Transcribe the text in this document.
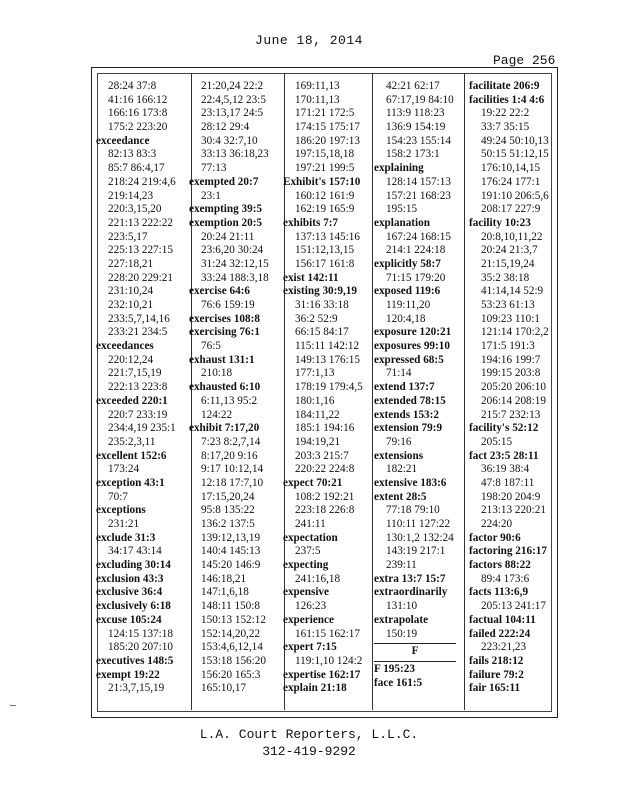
June 18, 2014
Page 256
28:24 37:8
41:16 166:12
166:16 173:8
175:2 223:20
exceedance
82:13 83:3
85:7 86:4,17
218:24 219:4,6
219:14,23
220:3,15,20
221:13 222:22
223:5,17
225:13 227:15
227:18,21
228:20 229:21
231:10,24
232:10,21
233:5,7,14,16
233:21 234:5
exceedances
220:12,24
221:7,15,19
222:13 223:8
exceeded 220:1
220:7 233:19
234:4,19 235:1
235:2,3,11
excellent 152:6
173:24
exception 43:1
70:7
exceptions
231:21
exclude 31:3
34:17 43:14
excluding 30:14
exclusion 43:3
exclusive 36:4
exclusively 6:18
excuse 105:24
124:15 137:18
185:20 207:10
executives 148:5
exempt 19:22
21:3,7,15,19
21:20,24 22:2
22:4,5,12 23:5
23:13,17 24:5
28:12 29:4
30:4 32:7,10
33:13 36:18,23
77:13
exempted 20:7
23:1
exempting 39:5
exemption 20:5
20:24 21:11
23:6,20 30:24
31:24 32:12,15
33:24 188:3,18
exercise 64:6
76:6 159:19
exercises 108:8
exercising 76:1
76:5
exhaust 131:1
210:18
exhausted 6:10
6:11,13 95:2
124:22
exhibit 7:17,20
7:23 8:2,7,14
8:17,20 9:16
9:17 10:12,14
12:18 17:7,10
17:15,20,24
95:8 135:22
136:2 137:5
139:12,13,19
140:4 145:13
145:20 146:9
146:18,21
147:1,6,18
148:11 150:8
150:13 152:12
152:14,20,22
153:4,6,12,14
153:18 156:20
156:20 165:3
165:10,17
169:11,13
170:11,13
171:21 172:5
174:15 175:17
186:20 197:13
197:15,18,18
197:21 199:5
Exhibit's 157:10
160:12 161:9
162:19 165:9
exhibits 7:7
137:13 145:16
151:12,13,15
156:17 161:8
exist 142:11
existing 30:9,19
31:16 33:18
36:2 52:9
66:15 84:17
115:11 142:12
149:13 176:15
177:1,13
178:19 179:4,5
180:1,16
184:11,22
185:1 194:16
194:19,21
203:3 215:7
220:22 224:8
expect 70:21
108:2 192:21
223:18 226:8
241:11
expectation
237:5
expecting
241:16,18
expensive
126:23
experience
161:15 162:17
expert 7:15
119:1,10 124:2
expertise 162:17
explain 21:18
42:21 62:17
67:17,19 84:10
113:9 118:23
136:9 154:19
154:23 155:14
158:2 173:1
explaining
128:14 157:13
157:21 168:23
195:15
explanation
167:24 168:15
214:1 224:18
explicitly 58:7
71:15 179:20
exposed 119:6
119:11,20
120:4,18
exposure 120:21
exposures 99:10
expressed 68:5
71:14
extend 137:7
extended 78:15
extends 153:2
extension 79:9
79:16
extensions
182:21
extensive 183:6
extent 28:5
77:18 79:10
110:11 127:22
130:1,2 132:24
143:19 217:1
239:11
extra 13:7 15:7
extraordinarily
131:10
extrapolate
150:19
F
F 195:23
face 161:5
facilitate 206:9
facilities 1:4 4:6
19:22 22:2
33:7 35:15
49:24 50:10,13
50:15 51:12,15
176:10,14,15
176:24 177:1
191:10 206:5,6
208:17 227:9
facility 10:23
20:8,10,11,22
20:24 21:3,7
21:15,19,24
35:2 38:18
41:14,14 52:9
53:23 61:13
109:23 110:1
121:14 170:2,2
171:5 191:3
194:16 199:7
199:15 203:8
205:20 206:10
206:14 208:19
215:7 232:13
facility's 52:12
205:15
fact 23:5 28:11
36:19 38:4
47:8 187:11
198:20 204:9
213:13 220:21
224:20
factor 90:6
factoring 216:17
factors 88:22
89:4 173:6
facts 113:6,9
205:13 241:17
factual 104:11
failed 222:24
223:21,23
fails 218:12
failure 79:2
fair 165:11
L.A. Court Reporters, L.L.C.
312-419-9292
